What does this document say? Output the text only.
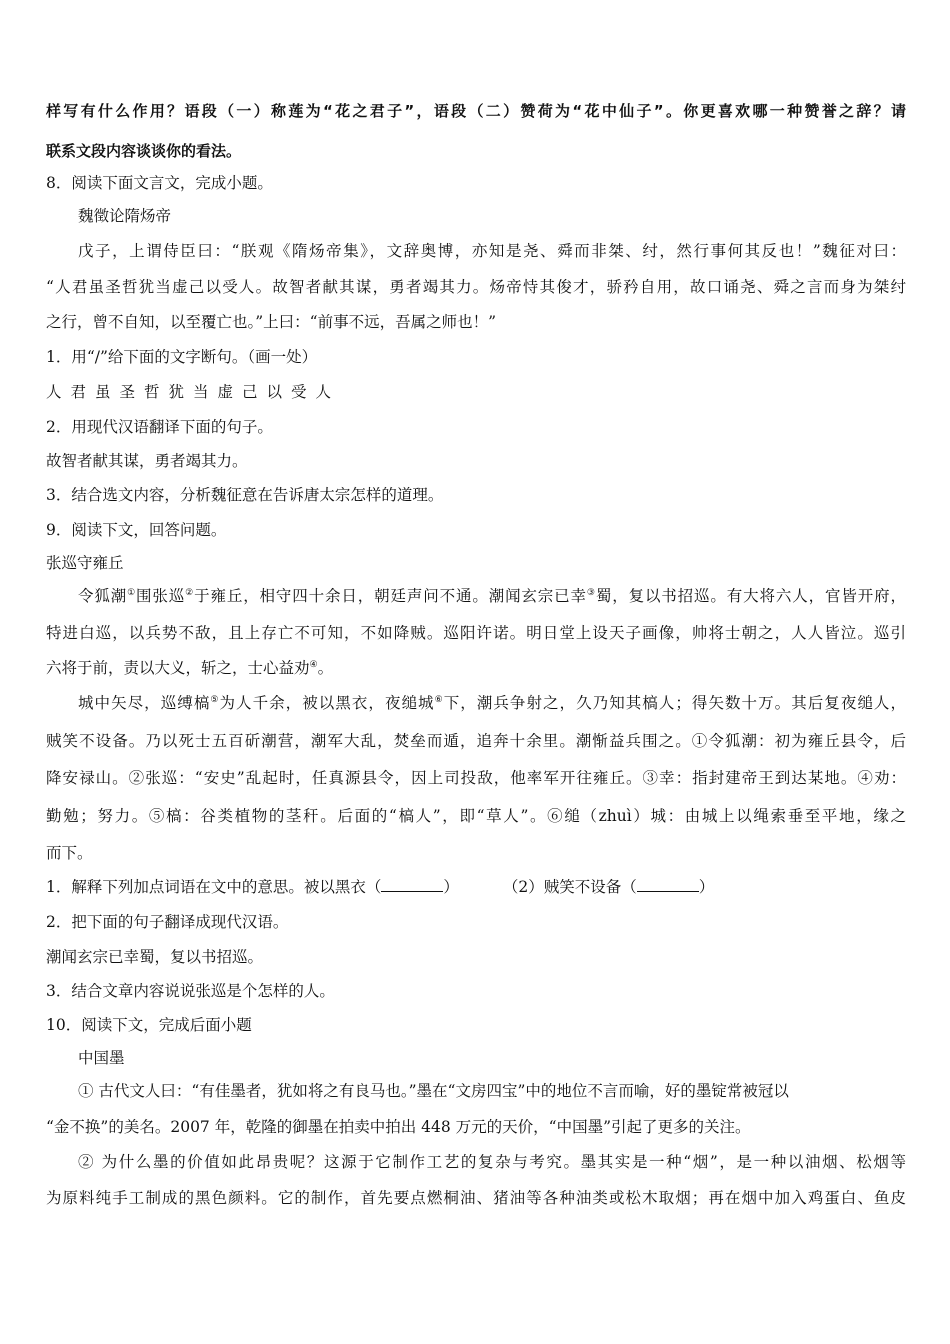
样写有什么作用？语段（一）称莲为“花之君子”，语段（二）赞荷为“花中仙子”。你更喜欢哪一种赞誉之辞？请
联系文段内容谈谈你的看法。
8．阅读下面文言文，完成小题。
魏徵论隋炀帝
戊子，上谓侍臣曰：“朕观《隋炀帝集》，文辞奥博，亦知是尧、舜而非桀、纣，然行事何其反也！”魏征对曰：
“人君虽圣哲犹当虚己以受人。故智者献其谋，勇者竭其力。炀帝恃其俊才，骄矜自用，故口诵尧、舜之言而身为桀纣
之行，曾不自知，以至覆亡也。”上曰：“前事不远，吾属之师也！”
1．用“/”给下面的文字断句。（画一处）
人君虽圣哲犹当虚己以受人
2．用现代汉语翻译下面的句子。
故智者献其谋，勇者竭其力。
3．结合选文内容，分析魏征意在告诉唐太宗怎样的道理。
9．阅读下文，回答问题。
张巡守雍丘
令狐潮①围张巡②于雍丘，相守四十余日，朝廷声问不通。潮闻玄宗已幸③蜀，复以书招巡。有大将六人，官皆开府，
特进白巡，以兵势不敌，且上存亡不可知，不如降贼。巡阳许诺。明日堂上设天子画像，帅将士朝之，人人皆泣。巡引
六将于前，责以大义，斩之，士心益劝④。
城中矢尽，巡缚槁⑤为人千余，被以黑衣，夜缒城⑥下，潮兵争射之，久乃知其槁人；得矢数十万。其后复夜缒人，
贼笑不设备。乃以死士五百斫潮营，潮军大乱，焚垒而遁，追奔十余里。潮惭益兵围之。①令狐潮：初为雍丘县令，后
降安禄山。②张巡：“安史”乱起时，任真源县令，因上司投敌，他率军开往雍丘。③幸：指封建帝王到达某地。④劝：
勤勉；努力。⑤槁：谷类植物的茎秆。后面的“槁人”，即“草人”。⑥缒（zhuì）城：由城上以绳索垂至平地，缘之
而下。
1．解释下列加点词语在文中的意思。被以黑衣（	）	（2）贼笑不设备（	）
2．把下面的句子翻译成现代汉语。
潮闻玄宗已幸蜀，复以书招巡。
3．结合文章内容说说张巡是个怎样的人。
10．阅读下文，完成后面小题
中国墨
① 古代文人曰：“有佳墨者，犹如将之有良马也。”墨在“文房四宝”中的地位不言而喻，好的墨锭常被冠以
“金不换”的美名。2007 年，乾隆的御墨在拍卖中拍出 448 万元的天价，“中国墨”引起了更多的关注。
② 为什么墨的价值如此昂贵呢？这源于它制作工艺的复杂与考究。墨其实是一种“烟”，是一种以油烟、松烟等
为原料纯手工制成的黑色颜料。它的制作，首先要点燃桐油、猪油等各种油类或松木取烟；再在烟中加入鸡蛋白、鱼皮
